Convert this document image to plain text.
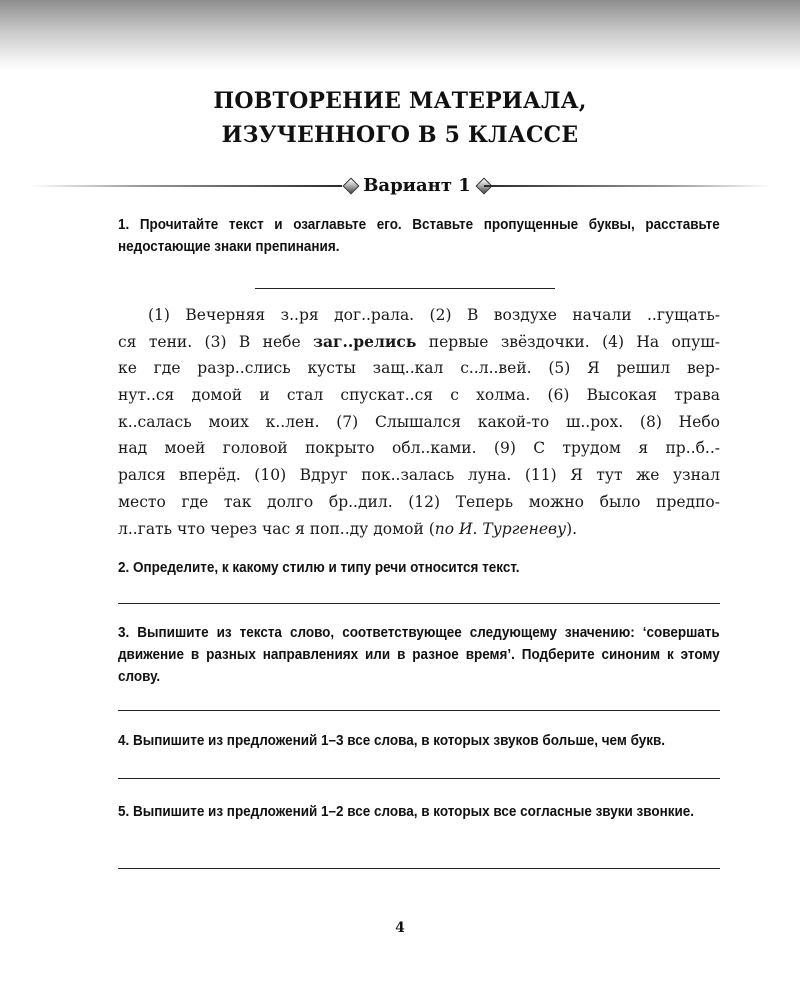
ПОВТОРЕНИЕ МАТЕРИАЛА,
ИЗУЧЕННОГО В 5 КЛАССЕ
Вариант 1
1. Прочитайте текст и озаглавьте его. Вставьте пропущенные буквы, расставьте недостающие знаки препинания.
(1) Вечерняя з..ря дог..рала. (2) В воздухе начали ..гущать-
ся тени. (3) В небе заг..релись первые звёздочки. (4) На опуш-
ке где разр..слись кусты защ..кал с..л..вей. (5) Я решил вер-
нут..ся домой и стал спускат..ся с холма. (6) Высокая трава
к..салась моих к..лен. (7) Слышался какой-то ш..рох. (8) Небо
над моей головой покрыто обл..ками. (9) С трудом я пр..б..-
рался вперёд. (10) Вдруг пок..залась луна. (11) Я тут же узнал
место где так долго бр..дил. (12) Теперь можно было предпо-
л..гать что через час я поп..ду домой (по И. Тургеневу).
2. Определите, к какому стилю и типу речи относится текст.
3. Выпишите из текста слово, соответствующее следующему значению: ‘совершать движение в разных направлениях или в разное время’. Подберите синоним к этому слову.
4. Выпишите из предложений 1–3 все слова, в которых звуков больше, чем букв.
5. Выпишите из предложений 1–2 все слова, в которых все согласные звуки звонкие.
4
